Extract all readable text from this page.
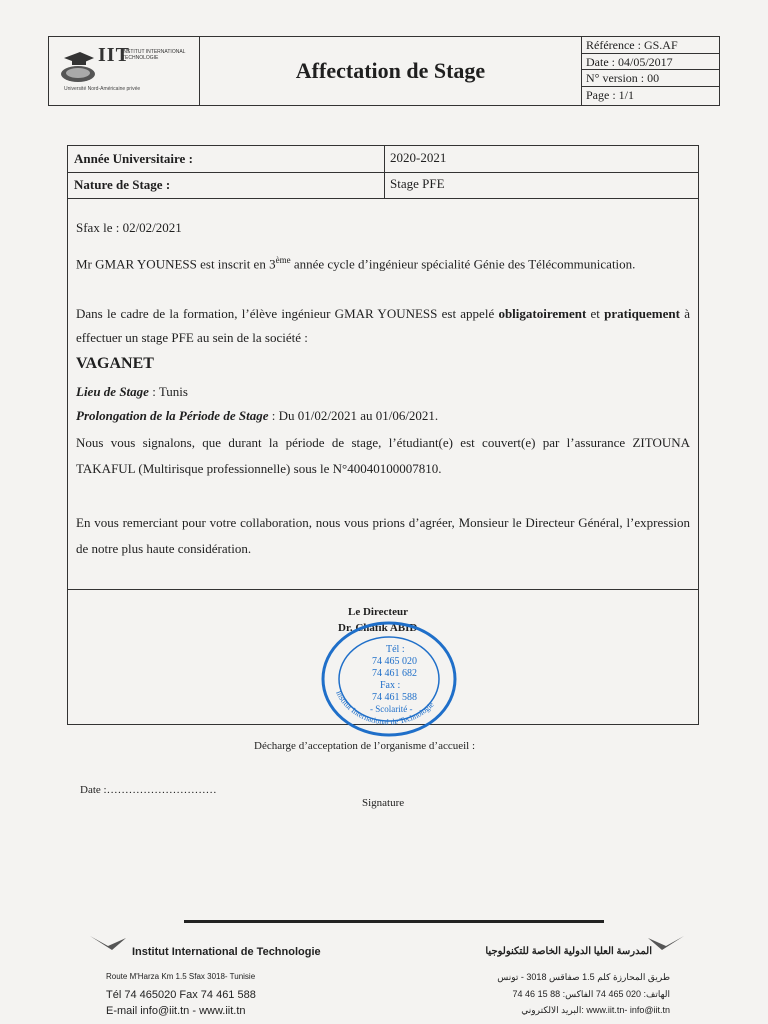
Affectation de Stage
Référence : GS.AF
Date : 04/05/2017
N° version : 00
Page : 1/1
IIT
INSTITUT INTERNATIONAL TECHNOLOGIE
Université Nord-Américaine privée
Année Universitaire :	2020-2021
Nature de Stage :	Stage PFE
Sfax le : 02/02/2021
Mr GMAR YOUNESS est inscrit en 3ème année cycle d’ingénieur spécialité Génie des Télécommunication.
Dans le cadre de la formation, l’élève ingénieur GMAR YOUNESS est appelé obligatoirement et pratiquement à effectuer un stage PFE au sein de la société :
VAGANET
Lieu de Stage : Tunis
Prolongation de la Période de Stage : Du 01/02/2021 au 01/06/2021.
Nous vous signalons, que durant la période de stage, l’étudiant(e) est couvert(e) par l’assurance ZITOUNA TAKAFUL (Multirisque professionnelle) sous le N°40040100007810.
En vous remerciant pour votre collaboration, nous vous prions d’agréer, Monsieur le Directeur Général, l’expression de notre plus haute considération.
Le Directeur
Dr. Chafik ABID
Institut International de Technologie
Tél :
74 465 020
74 461 682
Fax :
74 461 588
- Scolarité -
Décharge d’acceptation de l’organisme d’accueil :
Date :…………………………
Signature
Institut International de Technologie
Route M'Harza Km 1.5 Sfax 3018- Tunisie
Tél 74 465020 Fax 74 461 588
E-mail info@iit.tn - www.iit.tn
المدرسة العليا الدولية الخاصة للتكنولوجيا
طريق المحارزة كلم 1.5 صفاقس 3018 - تونس
الهاتف: 020 465 74 الفاكس: 88 15 46 74
www.iit.tn- info@iit.tn :البريد الالكتروني
